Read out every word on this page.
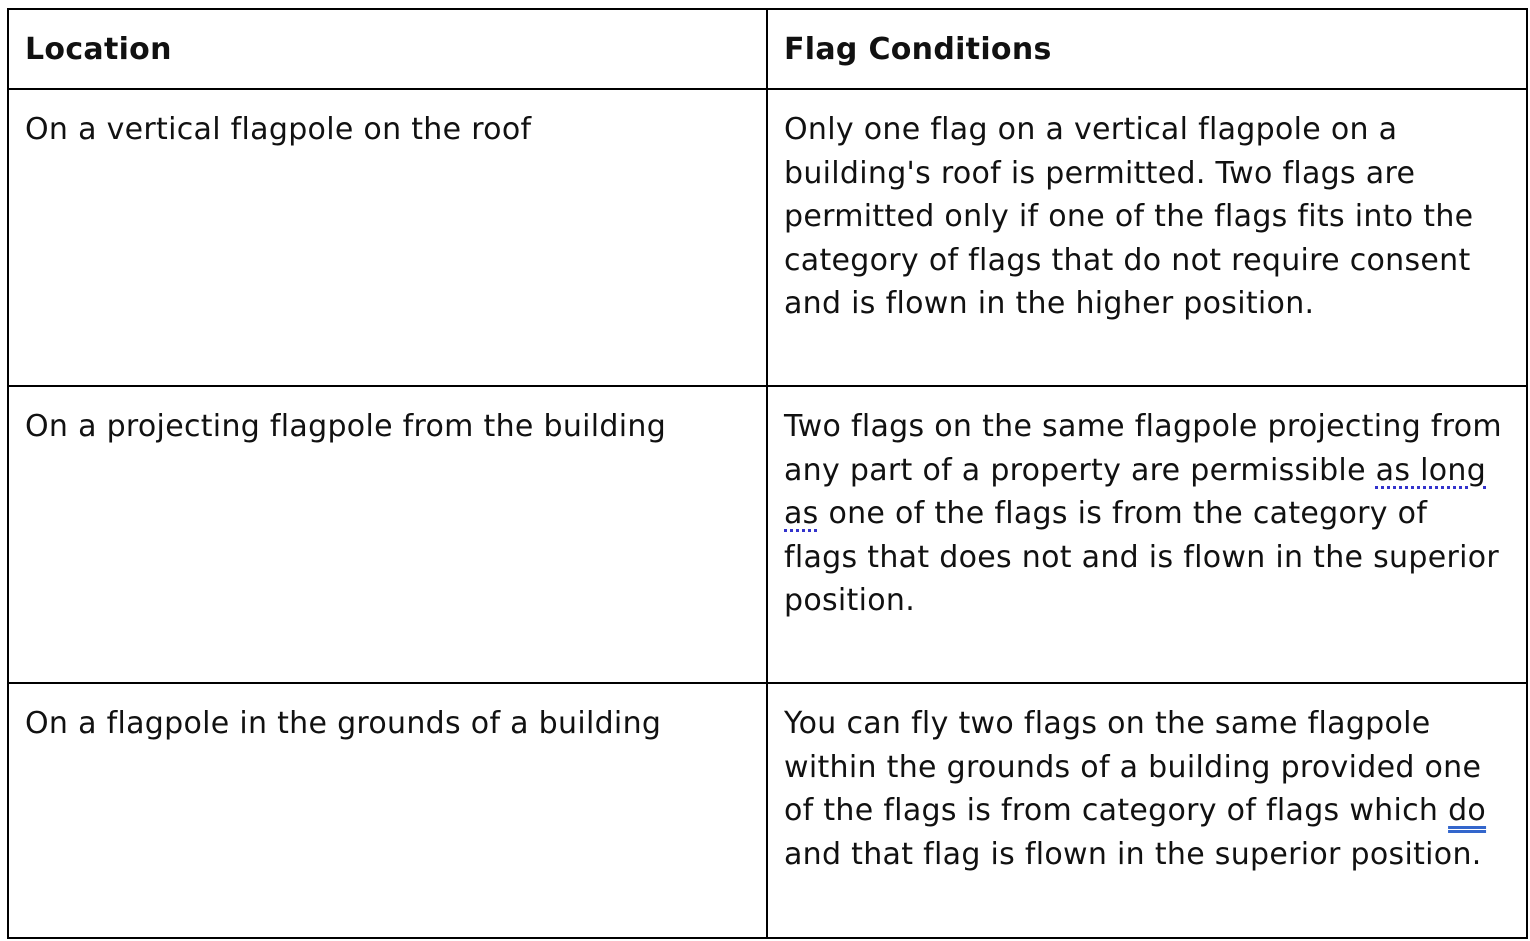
Location	Flag Conditions
On a vertical flagpole on the roof	Only one flag on a vertical flagpole on a building's roof is permitted. Two flags are permitted only if one of the flags fits into the category of flags that do not require consent and is flown in the higher position.
On a projecting flagpole from the building	Two flags on the same flagpole projecting from any part of a property are permissible as long as one of the flags is from the category of flags that does not and is flown in the superior position.
On a flagpole in the grounds of a building	You can fly two flags on the same flagpole within the grounds of a building provided one of the flags is from category of flags which do and that flag is flown in the superior position.
